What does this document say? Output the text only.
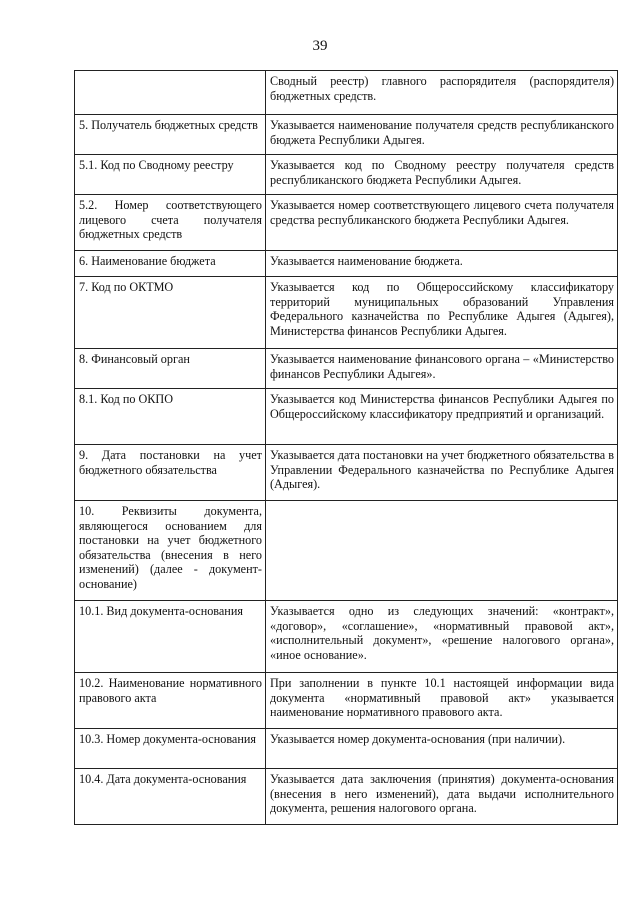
39
	Сводный реестр) главного распорядителя (распорядителя) бюджетных средств.
5. Получатель бюджетных средств	Указывается наименование получателя средств республиканского бюджета Республики Адыгея.
5.1. Код по Сводному реестру	Указывается код по Сводному реестру получателя средств республиканского бюджета Республики Адыгея.
5.2. Номер соответствующего лицевого счета получателя бюджетных средств	Указывается номер соответствующего лицевого счета получателя средства республиканского бюджета Республики Адыгея.
6. Наименование бюджета	Указывается наименование бюджета.
7. Код по ОКТМО	Указывается код по Общероссийскому классификатору территорий муниципальных образований Управления Федерального казначейства по Республике Адыгея (Адыгея), Министерства финансов Республики Адыгея.
8. Финансовый орган	Указывается наименование финансового органа – «Министерство финансов Республики Адыгея».
8.1. Код по ОКПО	Указывается код Министерства финансов Республики Адыгея по Общероссийскому классификатору предприятий и организаций.
9. Дата постановки на учет бюджетного обязательства	Указывается дата постановки на учет бюджетного обязательства в Управлении Федерального казначейства по Республике Адыгея (Адыгея).
10. Реквизиты документа, являющегося основанием для постановки на учет бюджетного обязательства (внесения в него изменений) (далее - документ-основание)	
10.1. Вид документа-основания	Указывается одно из следующих значений: «контракт», «договор», «соглашение», «нормативный правовой акт», «исполнительный документ», «решение налогового органа», «иное основание».
10.2. Наименование нормативного правового акта	При заполнении в пункте 10.1 настоящей информации вида документа «нормативный правовой акт» указывается наименование нормативного правового акта.
10.3. Номер документа-основания	Указывается номер документа-основания (при наличии).
10.4. Дата документа-основания	Указывается дата заключения (принятия) документа-основания (внесения в него изменений), дата выдачи исполнительного документа, решения налогового органа.
